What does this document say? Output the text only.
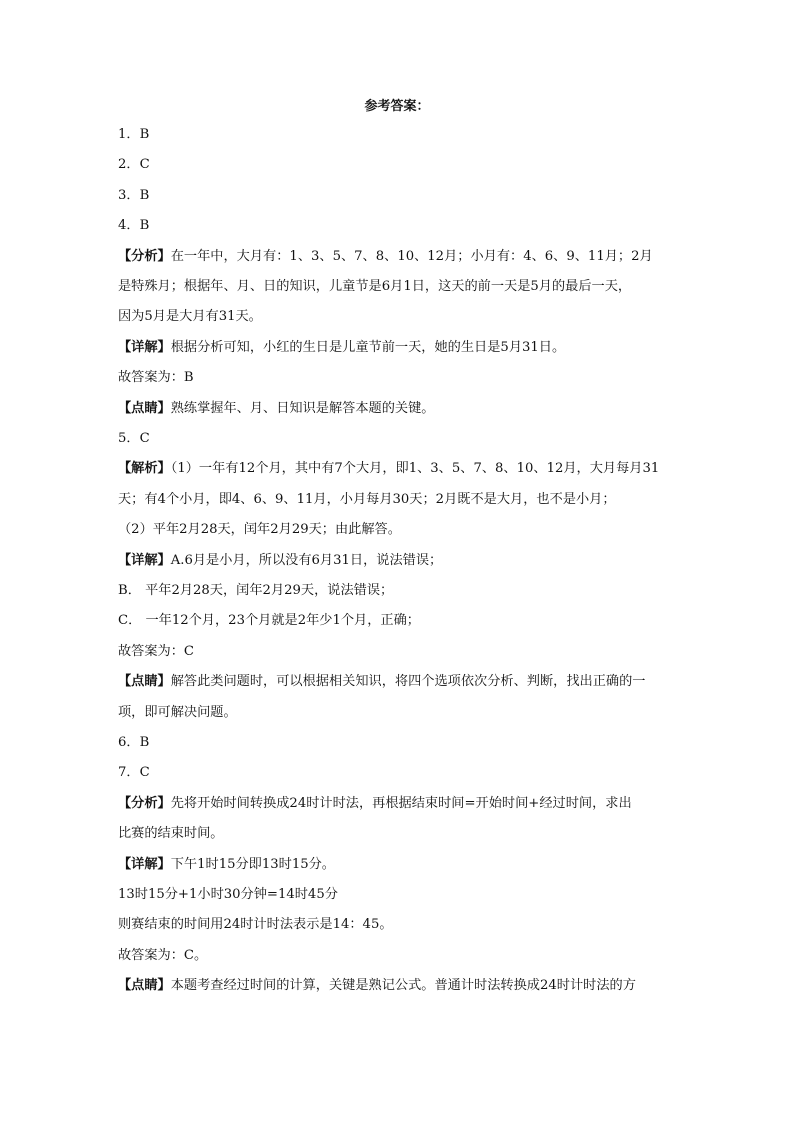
参考答案：
1．B
2．C
3．B
4．B
【分析】在一年中，大月有：1、3、5、7、8、10、12月；小月有：4、6、9、11月；2月
是特殊月；根据年、月、日的知识，儿童节是6月1日，这天的前一天是5月的最后一天，
因为5月是大月有31天。
【详解】根据分析可知，小红的生日是儿童节前一天，她的生日是5月31日。
故答案为：B
【点睛】熟练掌握年、月、日知识是解答本题的关键。
5．C
【解析】（1）一年有12个月，其中有7个大月，即1、3、5、7、8、10、12月，大月每月31
天；有4个小月，即4、6、9、11月，小月每月30天；2月既不是大月，也不是小月；
（2）平年2月28天，闰年2月29天；由此解答。
【详解】A.6月是小月，所以没有6月31日，说法错误；
B． 平年2月28天，闰年2月29天，说法错误；
C． 一年12个月，23个月就是2年少1个月，正确；
故答案为：C
【点睛】解答此类问题时，可以根据相关知识，将四个选项依次分析、判断，找出正确的一
项，即可解决问题。
6．B
7．C
【分析】先将开始时间转换成24时计时法，再根据结束时间=开始时间+经过时间，求出
比赛的结束时间。
【详解】下午1时15分即13时15分。
13时15分+1小时30分钟=14时45分
则赛结束的时间用24时计时法表示是14：45。
故答案为：C。
【点睛】本题考查经过时间的计算，关键是熟记公式。普通计时法转换成24时计时法的方
